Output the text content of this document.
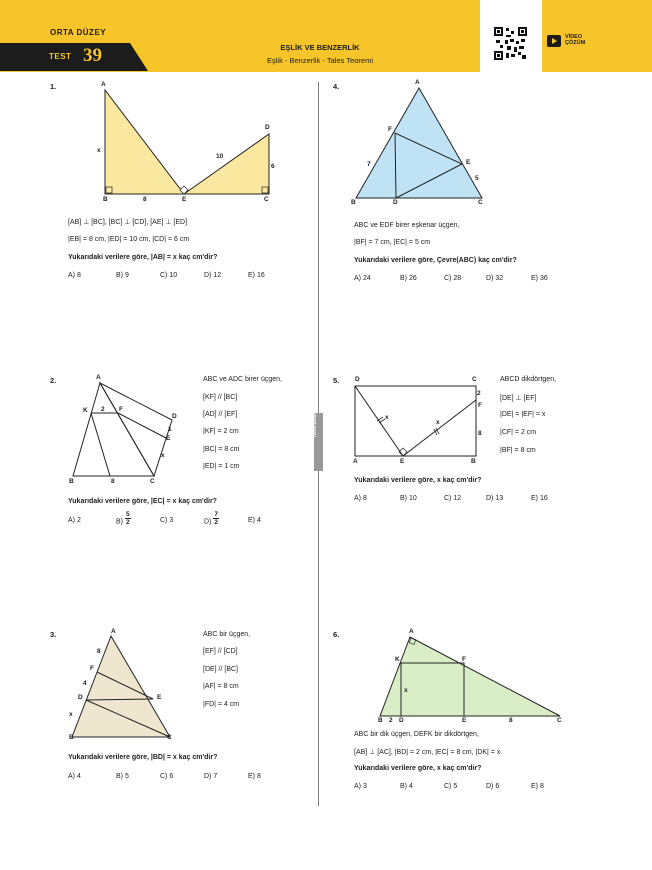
ORTA DÜZEY
TEST 39	EŞLİK VE BENZERLİK
Eşlik - Benzerlik - Tales Teoremi
VİDEO
ÇÖZÜM
Tümü Bulunur
1.	A
B	E	C
D
x
8
10
6
[AB] ⊥ [BC], [BC] ⊥ [CD], [AE] ⊥ [ED]
|EB| = 8 cm, |ED| = 10 cm, |CD| = 6 cm
Yukarıdaki verilere göre, |AB| = x kaç cm'dir?
A) 8	B) 9	C) 10	D) 12	E) 16
4.	A
B	D	C
F
E
7
5
ABC ve EDF birer eşkenar üçgen,
|BF| = 7 cm, |EC| = 5 cm
Yukarıdaki verilere göre, Çevre(ABC) kaç cm'dir?
A) 24	B) 26	C) 28	D) 32	E) 36
2.	A
K	F
2
D
1
E
x
B	8	C
ABC ve ADC birer üçgen,
[KF] // [BC]
[AD] // [EF]
|KF| = 2 cm
|BC| = 8 cm
|ED| = 1 cm
Yukarıdaki verilere göre, |EC| = x kaç cm'dir?
A) 2	$B) \frac{5}{2}$	C) 3	$D) \frac{7}{2}$	E) 4
5. D	C
2
F
8
A	E	B
x
x
ABCD dikdörtgen,
[DE] ⊥ [EF]
|DE| = |EF| = x
|CF| = 2 cm
|BF| = 8 cm
Yukarıdaki verilere göre, x kaç cm'dir?
A) 8	B) 10	C) 12	D) 13	E) 16
3.	A
8
F
4
D	E
x
B	C
ABC bir üçgen,
[EF] // [CD]
[DE] // [BC]
|AF| = 8 cm
|FD| = 4 cm
Yukarıdaki verilere göre, |BD| = x kaç cm'dir?
A) 4	B) 5	C) 6	D) 7	E) 8
6.	A
K	F
x
B 2 D	E	8	C
ABC bir dik üçgen, DEFK bir dikdörtgen,
[AB] ⊥ [AC], |BD| = 2 cm, |EC| = 8 cm, |DK| = x
Yukarıdaki verilere göre, x kaç cm'dir?
A) 3	B) 4	C) 5	D) 6	E) 8
